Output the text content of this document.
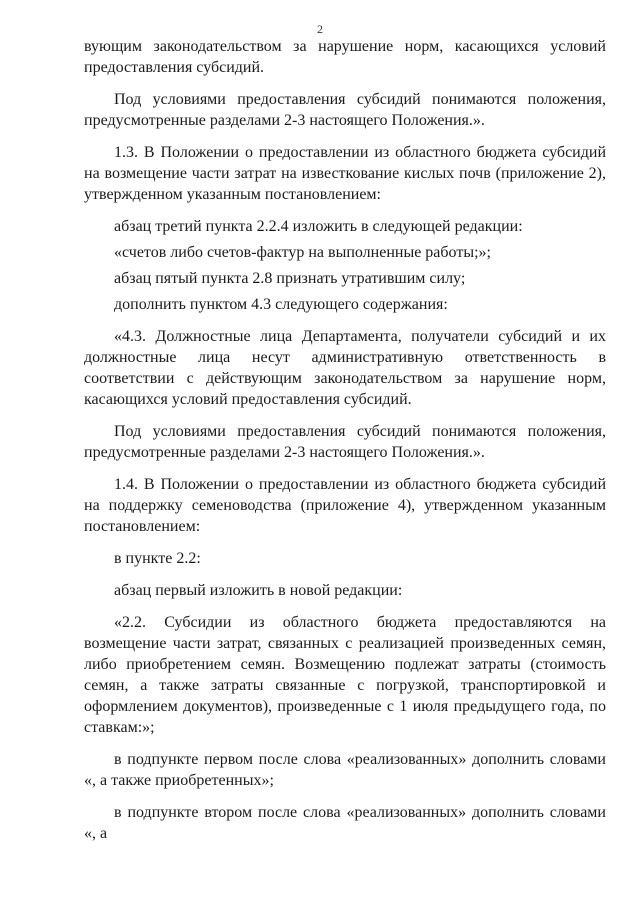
2

вующим законодательством за нарушение норм, касающихся условий предоставления субсидий.

Под условиями предоставления субсидий понимаются положения, предусмотренные разделами 2-3 настоящего Положения.».

1.3. В Положении о предоставлении из областного бюджета субсидий на возмещение части затрат на известкование кислых почв (приложение 2), утвержденном указанным постановлением:

абзац третий пункта 2.2.4 изложить в следующей редакции:

«счетов либо счетов-фактур на выполненные работы;»;

абзац пятый пункта 2.8 признать утратившим силу;

дополнить пунктом 4.3 следующего содержания:

«4.3. Должностные лица Департамента, получатели субсидий и их должностные лица несут административную ответственность в соответствии с действующим законодательством за нарушение норм, касающихся условий предоставления субсидий.

Под условиями предоставления субсидий понимаются положения, предусмотренные разделами 2-3 настоящего Положения.».

1.4. В Положении о предоставлении из областного бюджета субсидий на поддержку семеноводства (приложение 4), утвержденном указанным постановлением:

в пункте 2.2:

абзац первый изложить в новой редакции:

«2.2. Субсидии из областного бюджета предоставляются на возмещение части затрат, связанных с реализацией произведенных семян, либо приобретением семян. Возмещению подлежат затраты (стоимость семян, а также затраты связанные с погрузкой, транспортировкой и оформлением документов), произведенные с 1 июля предыдущего года, по ставкам:»;

в подпункте первом после слова «реализованных» дополнить словами «, а также приобретенных»;

в подпункте втором после слова «реализованных» дополнить словами «, а
